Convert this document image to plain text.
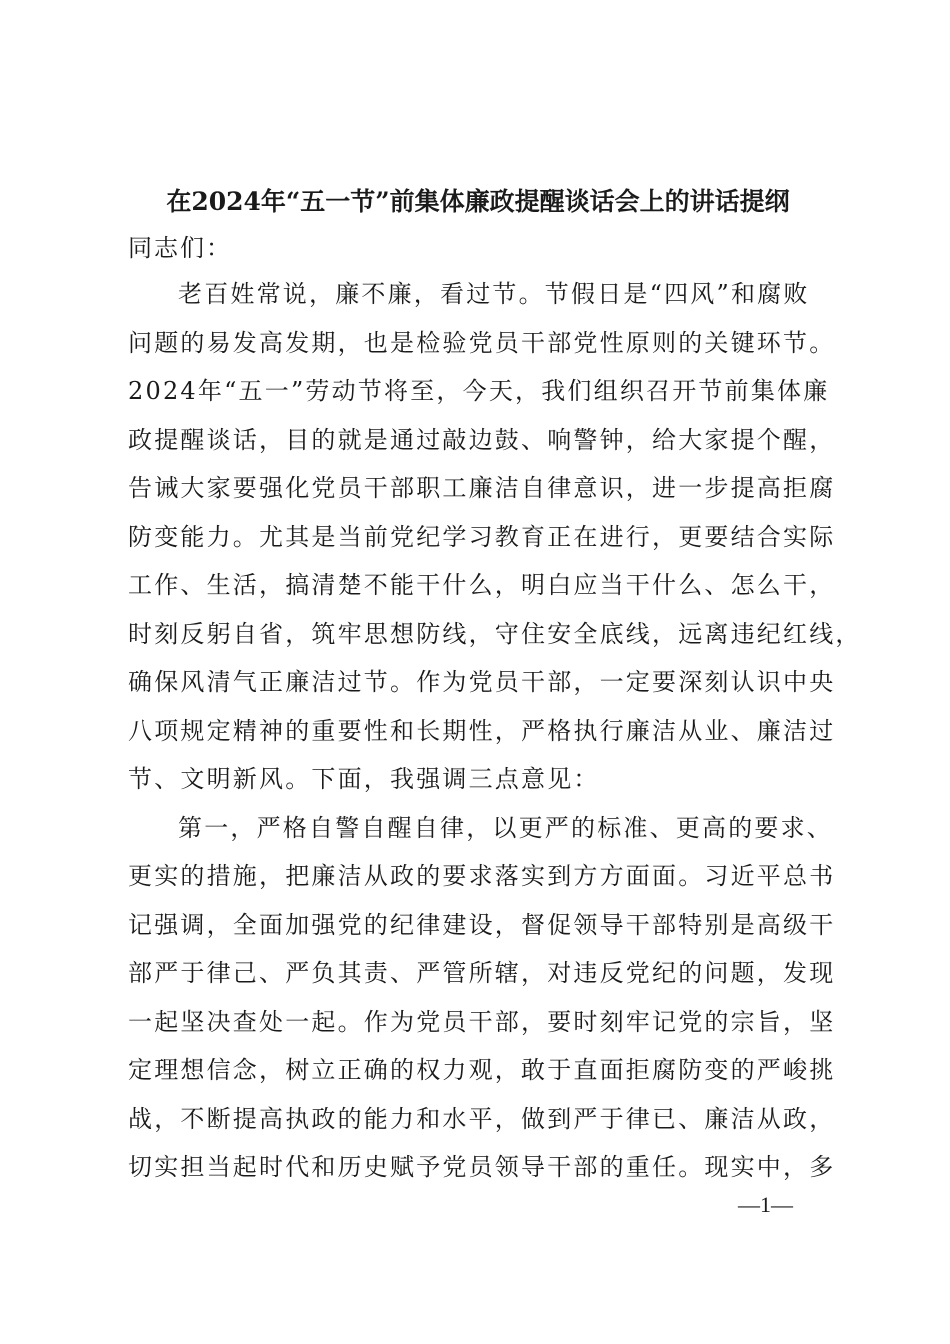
在2024年“五一节”前集体廉政提醒谈话会上的讲话提纲
同志们：
老百姓常说，廉不廉，看过节。节假日是“四风”和腐败
问题的易发高发期，也是检验党员干部党性原则的关键环节。
2024年“五一”劳动节将至，今天，我们组织召开节前集体廉
政提醒谈话，目的就是通过敲边鼓、响警钟，给大家提个醒，
告诫大家要强化党员干部职工廉洁自律意识，进一步提高拒腐
防变能力。尤其是当前党纪学习教育正在进行，更要结合实际
工作、生活，搞清楚不能干什么，明白应当干什么、怎么干，
时刻反躬自省，筑牢思想防线，守住安全底线，远离违纪红线，
确保风清气正廉洁过节。作为党员干部，一定要深刻认识中央
八项规定精神的重要性和长期性，严格执行廉洁从业、廉洁过
节、文明新风。下面，我强调三点意见：
第一，严格自警自醒自律，以更严的标准、更高的要求、
更实的措施，把廉洁从政的要求落实到方方面面。习近平总书
记强调，全面加强党的纪律建设，督促领导干部特别是高级干
部严于律己、严负其责、严管所辖，对违反党纪的问题，发现
一起坚决查处一起。作为党员干部，要时刻牢记党的宗旨，坚
定理想信念，树立正确的权力观，敢于直面拒腐防变的严峻挑
战，不断提高执政的能力和水平，做到严于律已、廉洁从政，
切实担当起时代和历史赋予党员领导干部的重任。现实中，多
—1—
